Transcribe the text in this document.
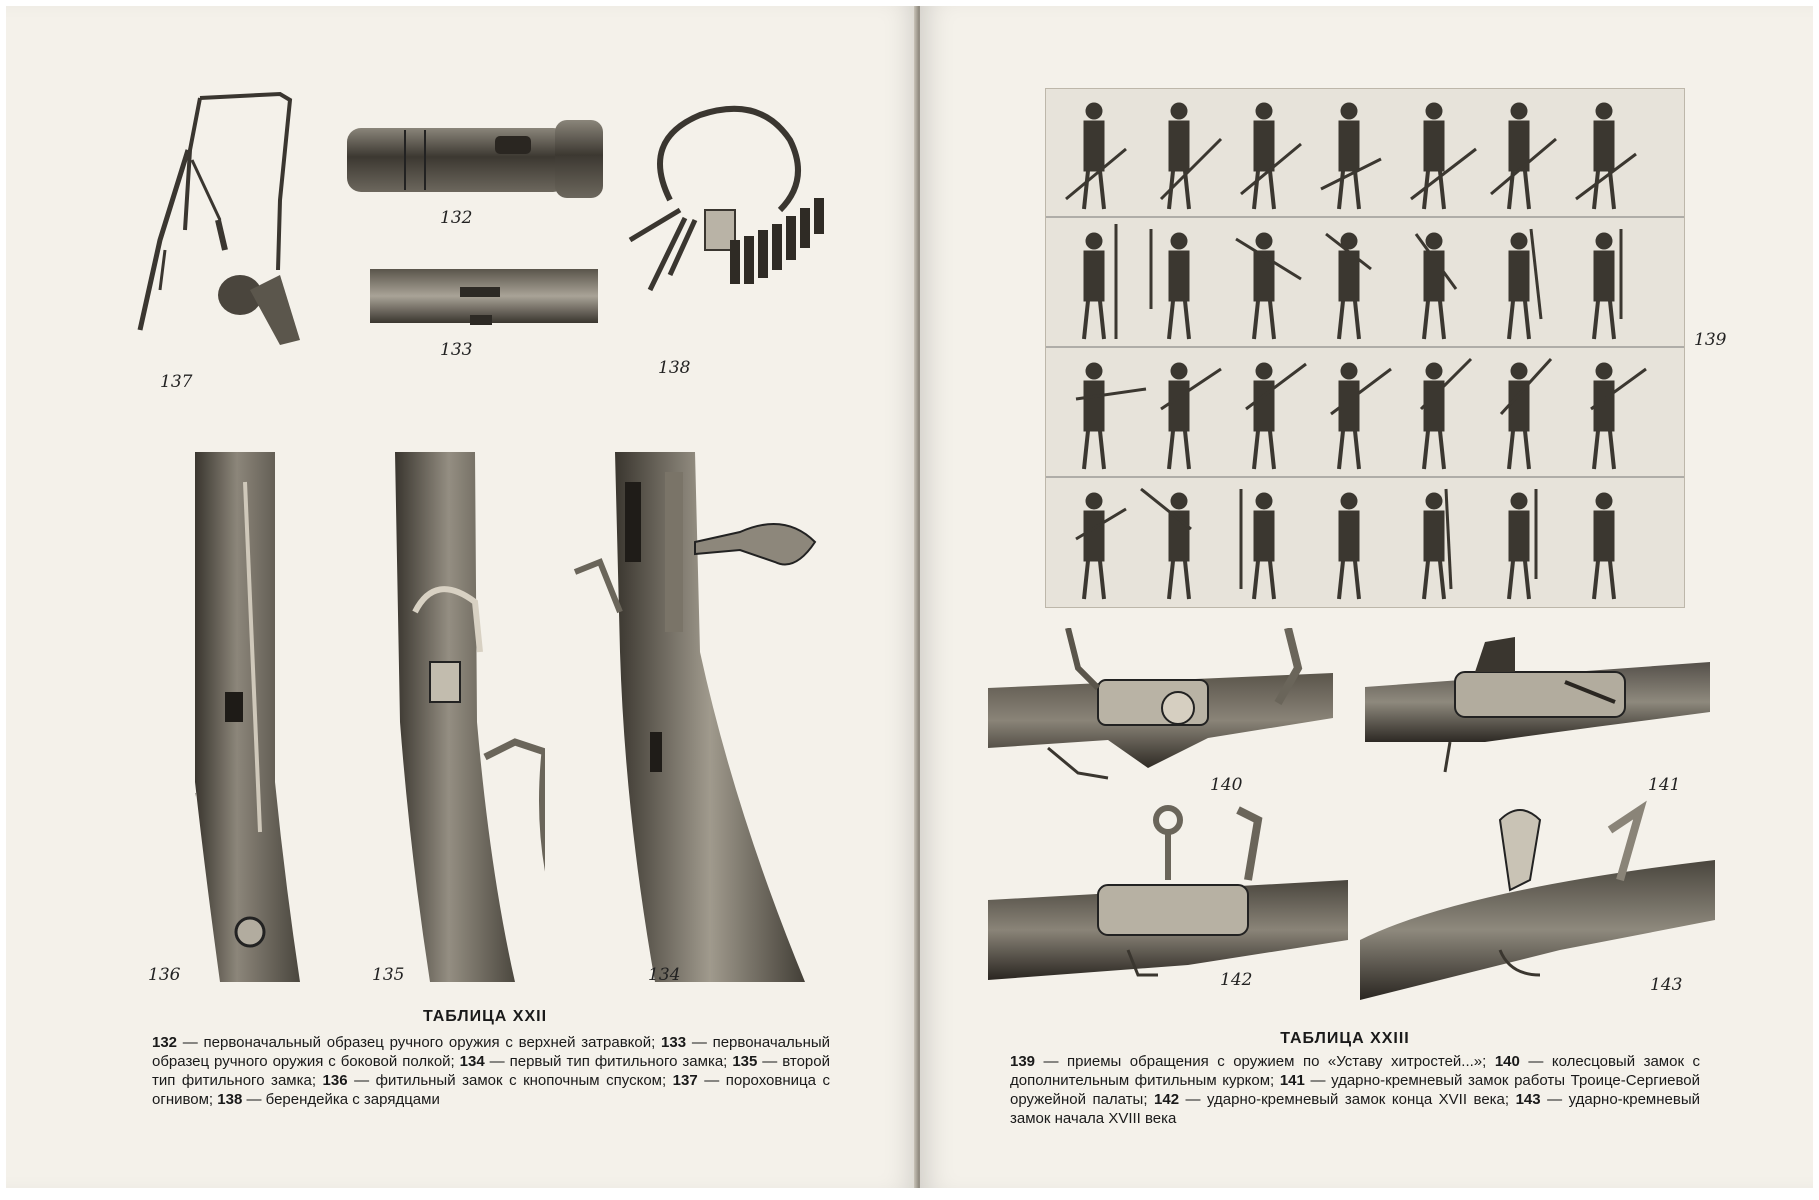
137
132
133
138
136	135	134
ТАБЛИЦА XXII
132 — первоначальный образец ручного оружия с верхней затравкой; 133 — первоначальный образец ручного оружия с боковой полкой; 134 — первый тип фитильного замка; 135 — второй тип фитильного замка; 136 — фитильный замок с кнопочным спуском; 137 — пороховница с огнивом; 138 — берендейка с зарядцами
139
140	141
142	143
ТАБЛИЦА XXIII
139 — приемы обращения с оружием по «Уставу хитростей...»; 140 — колесцовый замок с дополнительным фитильным курком; 141 — ударно-кремневый замок работы Троице-Сергиевой оружейной палаты; 142 — ударно-кремневый замок конца XVII века; 143 — ударно-кремневый замок начала XVIII века
